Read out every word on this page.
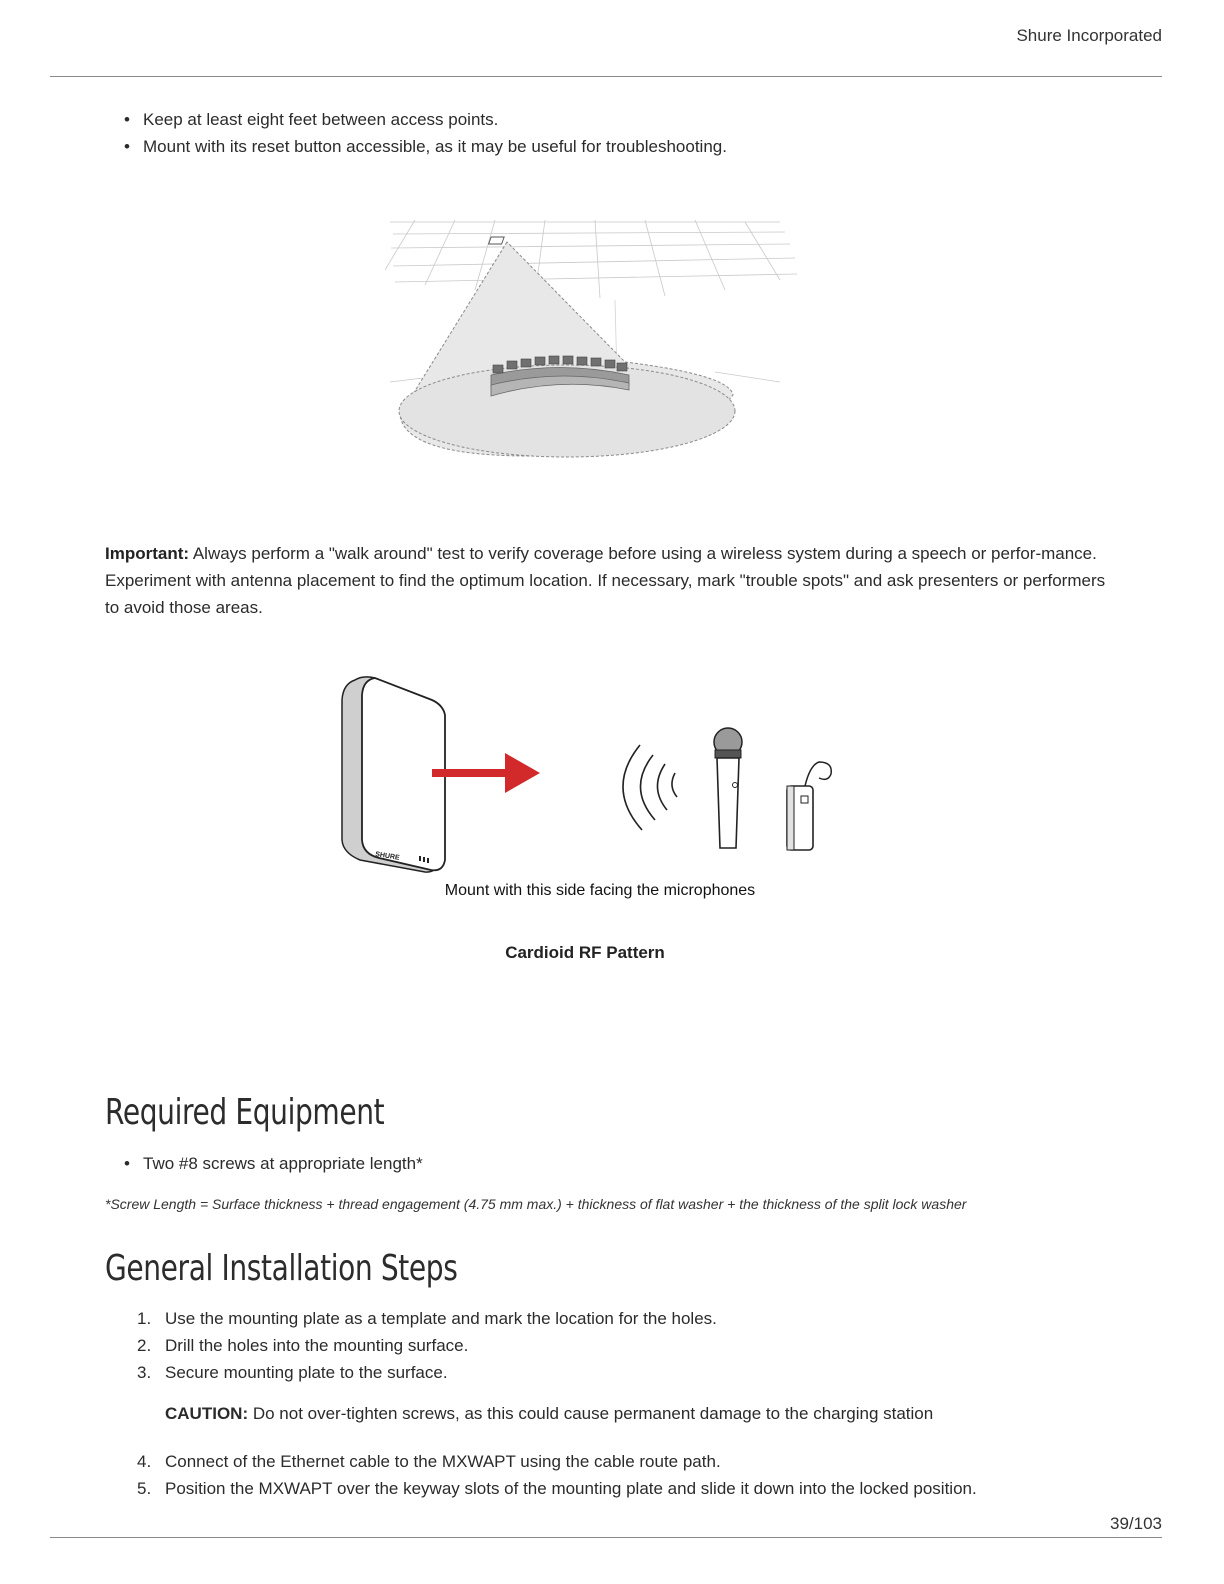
Shure Incorporated
• Keep at least eight feet between access points.
• Mount with its reset button accessible, as it may be useful for troubleshooting.

Important: Always perform a "walk around" test to verify coverage before using a wireless system during a speech or perfor-mance. Experiment with antenna placement to find the optimum location. If necessary, mark "trouble spots" and ask presenters or performers to avoid those areas.

SHURE
Mount with this side facing the microphones
Cardioid RF Pattern
Required Equipment
• Two #8 screws at appropriate length*
*Screw Length = Surface thickness + thread engagement (4.75 mm max.) + thickness of flat washer + the thickness of the split lock washer
General Installation Steps
1. Use the mounting plate as a template and mark the location for the holes.
2. Drill the holes into the mounting surface.
3. Secure mounting plate to the surface.
CAUTION: Do not over-tighten screws, as this could cause permanent damage to the charging station
4. Connect of the Ethernet cable to the MXWAPT using the cable route path.
5. Position the MXWAPT over the keyway slots of the mounting plate and slide it down into the locked position.
39/103
